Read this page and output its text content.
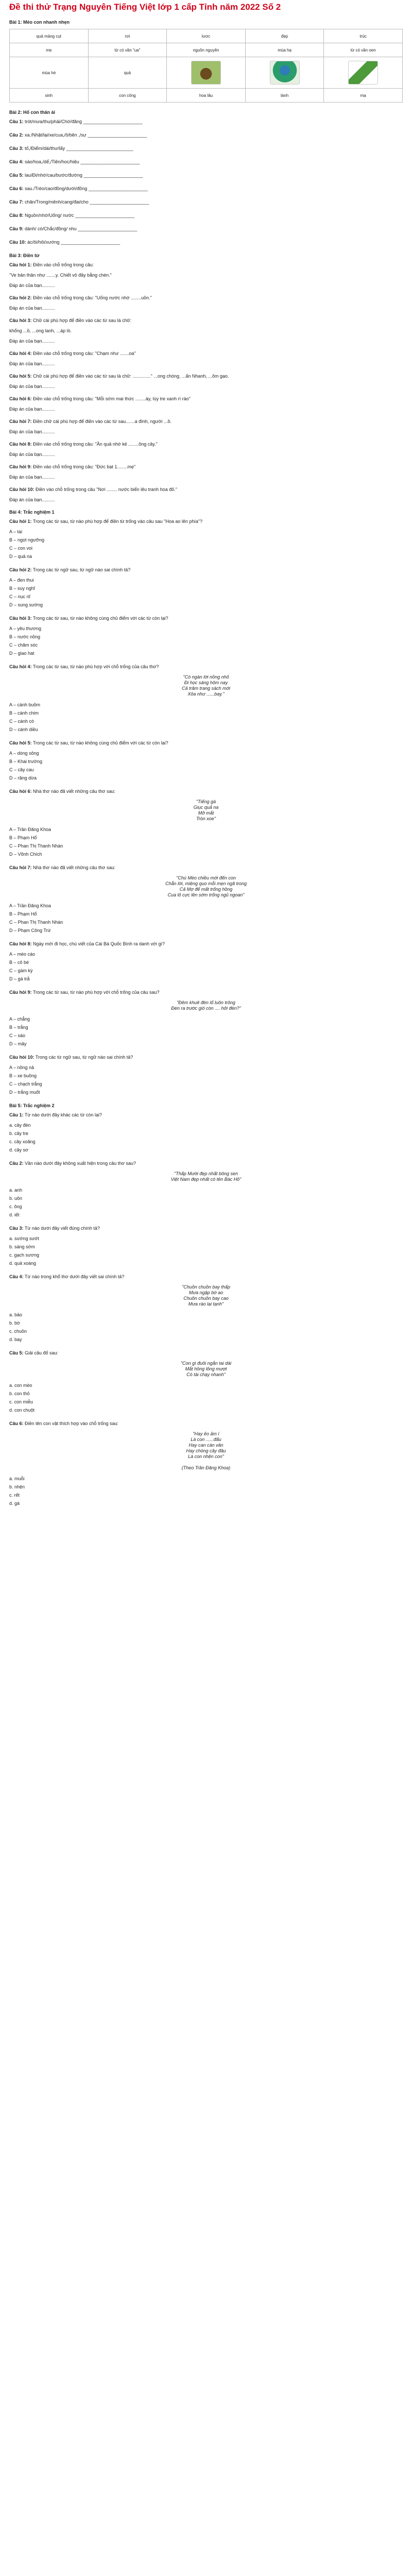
Đề thi thử Trạng Nguyên Tiếng Việt lớp 1 cấp Tỉnh năm 2022 Số 2
Bài 1: Mèo con nhanh nhẹn
quả mảng cụt	rơi	lược	đẹp	trúc
mẹ	từ có vần "ua"	nguồn nguyên	mùa hạ	từ có vần oen
mùa hè	quả	

sinh	con công	hoa lâu	lành	mạ
Bài 2: Hổ con thân ái
Câu 1: trót/mưa/thu/phải/Chớ/đăng _______________________
Câu 2: xa./Nhật/lại/xe/cua,/ô/bên ,/sự _______________________
Câu 3: tố,/Điểm/dài/thư/lấy __________________________
Câu 4: sáo/hoa,/dể,/Tiên/hoc/hiệu _______________________
Câu 5: lau/Đi/nhớ/cau/bước/đường _______________________
Câu 6: sau./Trèo/cao/đồng/dưới/đồng _______________________
Câu 7: chăn/Trong/mênh/cang/đai/cho _______________________
Câu 8: Nguồn/nhớ/Uống/ nước _______________________
Câu 9: dành/ có/Chắc/đồng/ nhu _______________________
Câu 10: ác/ôi/hỏi/xướng _______________________
Bài 3: Điền từ
Câu hỏi 1: Điền vào chỗ trống trong câu:
"Ve bản thân như .......y. Chiết vỏ đầy bằng chén."
Đáp án của bạn..........
Câu hỏi 2: Điền vào chỗ trống trong câu: "Uống nước nhớ ........uồn."
Đáp án của bạn..........
Câu hỏi 3: Chữ cái phù hợp để điền vào các từ sau là chữ:
khổng ...ồ, ...ong lanh, ...áp lò.
Đáp án của bạn..........
Câu hỏi 4: Điền vào chỗ trống trong câu: "Chạm như .......oa"
Đáp án của bạn..........
Câu hỏi 5: Chữ cái phù hợp để điền vào các từ sau là chữ: .............." ...ong chóng, ...ấn Nhanh, ...ỏm gạo.
Đáp án của bạn..........
Câu hỏi 6: Điền vào chỗ trống trong câu: "Mỗi sớm mai thức ........ày, lúy tre xanh rì rào"
Đáp án của bạn..........
Câu hỏi 7: Điền chữ cái phù hợp để điền vào các từ sau.......a đình, người ...ồ.
Đáp án của bạn..........
Câu hỏi 8: Điền vào chỗ trống trong câu: "Ăn quả nhớ kẻ ........ồng cây."
Đáp án của bạn..........
Câu hỏi 9: Điền vào chỗ trống trong câu: "Đức bạt 1........mẹ"
Đáp án của bạn..........
Câu hỏi 10: Điền vào chỗ trống trong câu "Nơi ........ nước biển lêu tranh hoa đỏ."
Đáp án của bạn..........
Bài 4: Trắc nghiệm 1
Câu hỏi 1: Trong các từ sau, từ nào phù hợp để điền từ trống vào câu sau "Hoa ao lên phía"?
A – tai
B – ngọt ngưỡng
C – con voi
D – quả na
Câu hỏi 2: Trong các từ ngữ sau, từ ngữ nào sai chính tả?
A – đen thui
B – suy nghĩ
C – nục nĩ
D – sung sướng
Câu hỏi 3: Trong các từ sau, từ nào không cùng chủ điểm với các từ còn lại?
A – yêu thương
B – nước nồng
C – chăm sóc
D – giao hat
Câu hỏi 4: Trong các từ sau, từ nào phù hợp với chỗ trống của câu thơ?
"Có ngàn lời nồng nhỏ
Đi học sáng hôm nay
Cả trăm trang sách mới
Xôa như ......bay."
A – cánh buồm
B – cánh chim
C – cánh cò
D – cánh diều
Câu hỏi 5: Trong các từ sau, từ nào không cùng chủ điểm với các từ còn lại?
A – dòng sông
B – Khai trường
C – cây cau
D – rặng dừa
Câu hỏi 6: Nhà thơ nào đã viết những câu thơ sau:
"Tiếng gà
Giục quả na
Mở mắt
Tròn xoe"
A – Trần Đăng Khoa
B – Phạm Hổ
C – Phan Thị Thanh Nhàn
D – Võnh Chích
Câu hỏi 7: Nhà thơ nào đã viết những câu thơ sau:
"Chú Mèo chiều mới đến con
Chẵn lời, miệng quo mỗi mẹn ngã trong
Cả Mợ để mất trống hồng
Cua lỏ cực lên sớm trống ngủ ngoan"
A – Trần Đăng Khoa
B – Phạm Hổ
C – Phan Thị Thanh Nhàn
D – Phạm Công Trứ
Câu hỏi 8: Ngày mới đi học, chú viết của Cái Bá Quốc Bình ra danh với gì?
A – mèo cáo
B – cô bé
C – gàm kỳ
D – gà trắ
Câu hỏi 9: Trong các từ sau, từ nào phù hợp với chỗ trống của câu sau?
"Đêm khuê đèn lố luôn trông
Đèn ra trước gió còn .... hởi đèn?"
A – chẳng
B – trắng
C – sáo
D – mây
Câu hỏi 10: Trong các từ ngữ sau, từ ngữ nào sai chính tả?
A – nồng nả
B – xe buồng
C – chạch trắng
D – trắng muốt
Bài 5: Trắc nghiệm 2
Câu 1: Từ nào dưới đây khác các từ còn lại?
a. cây đèn
b. cây tre
c. cây xoăng
d. cây sơ
Câu 2: Vần nào dưới đây không xuất hiện trong câu thơ sau?
"Thấp Mười đẹp nhất bông sen
Việt Nam đẹp nhất có tên Bác Hồ"
a. anh
b. uôn
c. ông
d. iết
Câu 3: Từ nào dưới đây viết đúng chính tả?
a. sướng sướt
b. sáng sớm
c. gạch sương
d. quả xoáng
Câu 4: Từ nào trong khổ thơ dưới đây viết sai chính tả?
"Chuồn chuồn bay thấp
Mưa ngập bờ ao
Chuồn chuồn bay cao
Mưa rào lại tạnh"
a. bảo
b. bờ
c. chuồn
d. bay
Câu 5: Giải câu đố sau:
"Con gì đuôi ngắn tai dài
Mắt hồng lông mượt
Có tài chạy nhanh"
a. con mèo
b. con thỏ
c. con miễu
d. con chuột
Câu 6: Điền tên con vật thích hợp vào chỗ trống sau:
"Hay ẻo ảm í
Là con ......đấu
Hay can cán vân
Hay chòng cây đâu
Là con nhện con"
(Theo Trần Đăng Khoa)
a. muỗi
b. nhện
c. rết
d. gà
